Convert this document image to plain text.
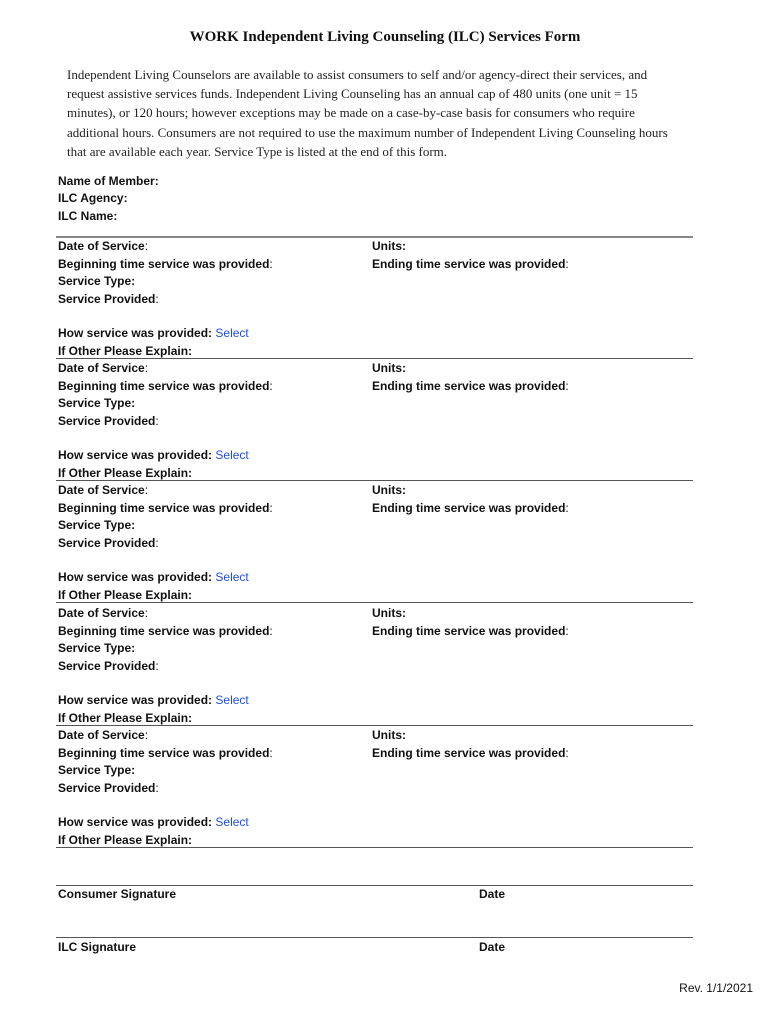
WORK Independent Living Counseling (ILC) Services Form
Independent Living Counselors are available to assist consumers to self and/or agency-direct their services, and
request assistive services funds. Independent Living Counseling has an annual cap of 480 units (one unit = 15
minutes), or 120 hours; however exceptions may be made on a case-by-case basis for consumers who require
additional hours. Consumers are not required to use the maximum number of Independent Living Counseling hours
that are available each year. Service Type is listed at the end of this form.
Name of Member:
ILC Agency:
ILC Name:
Date of Service:
Beginning time service was provided:
Service Type:
Service Provided:
How service was provided: Select
If Other Please Explain:
Units:
Ending time service was provided:
Date of Service:
Beginning time service was provided:
Service Type:
Service Provided:
How service was provided: Select
If Other Please Explain:
Units:
Ending time service was provided:
Date of Service:
Beginning time service was provided:
Service Type:
Service Provided:
How service was provided: Select
If Other Please Explain:
Units:
Ending time service was provided:
Date of Service:
Beginning time service was provided:
Service Type:
Service Provided:
How service was provided: Select
If Other Please Explain:
Units:
Ending time service was provided:
Date of Service:
Beginning time service was provided:
Service Type:
Service Provided:
How service was provided: Select
If Other Please Explain:
Units:
Ending time service was provided:
Consumer Signature	Date
ILC Signature	Date
Rev. 1/1/2021
